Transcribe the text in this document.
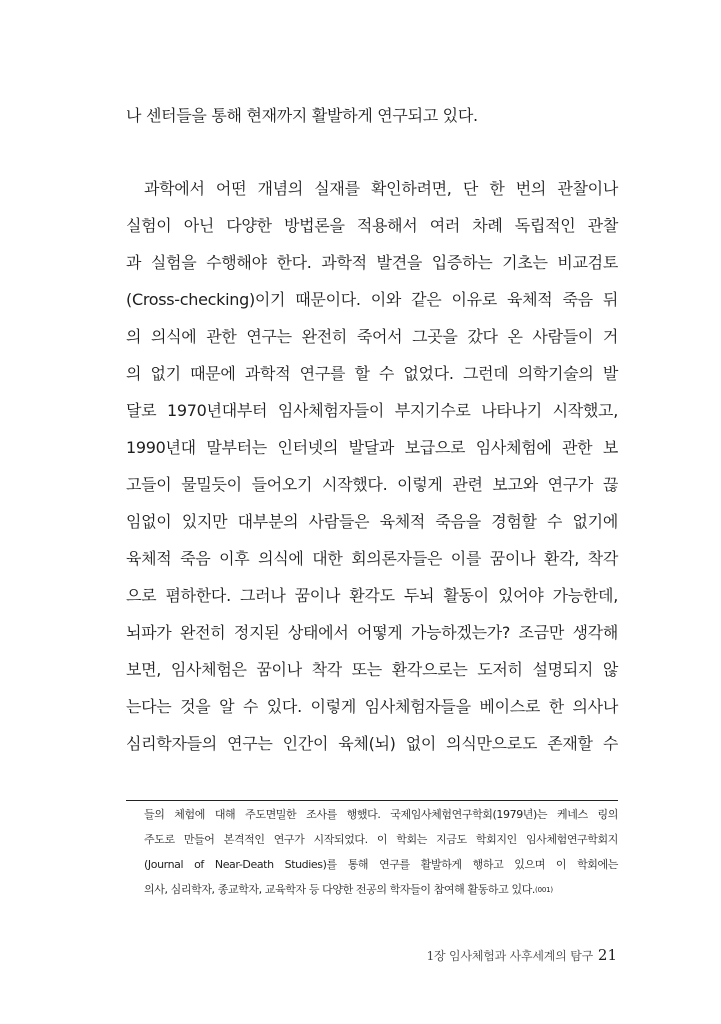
나 센터들을 통해 현재까지 활발하게 연구되고 있다.
과학에서 어떤 개념의 실재를 확인하려면, 단 한 번의 관찰이나
실험이 아닌 다양한 방법론을 적용해서 여러 차례 독립적인 관찰
과 실험을 수행해야 한다. 과학적 발견을 입증하는 기초는 비교검토
(Cross-checking)이기 때문이다. 이와 같은 이유로 육체적 죽음 뒤
의 의식에 관한 연구는 완전히 죽어서 그곳을 갔다 온 사람들이 거
의 없기 때문에 과학적 연구를 할 수 없었다. 그런데 의학기술의 발
달로 1970년대부터 임사체험자들이 부지기수로 나타나기 시작했고,
1990년대 말부터는 인터넷의 발달과 보급으로 임사체험에 관한 보
고들이 물밀듯이 들어오기 시작했다. 이렇게 관련 보고와 연구가 끊
임없이 있지만 대부분의 사람들은 육체적 죽음을 경험할 수 없기에
육체적 죽음 이후 의식에 대한 회의론자들은 이를 꿈이나 환각, 착각
으로 폄하한다. 그러나 꿈이나 환각도 두뇌 활동이 있어야 가능한데,
뇌파가 완전히 정지된 상태에서 어떻게 가능하겠는가? 조금만 생각해
보면, 임사체험은 꿈이나 착각 또는 환각으로는 도저히 설명되지 않
는다는 것을 알 수 있다. 이렇게 임사체험자들을 베이스로 한 의사나
심리학자들의 연구는 인간이 육체(뇌) 없이 의식만으로도 존재할 수
들의 체험에 대해 주도면밀한 조사를 행했다. 국제임사체험연구학회(1979년)는 케네스 링의
주도로 만들어 본격적인 연구가 시작되었다. 이 학회는 지금도 학회지인 임사체험연구학회지
(Journal of Near-Death Studies)를 통해 연구를 활발하게 행하고 있으며 이 학회에는
의사, 심리학자, 종교학자, 교육학자 등 다양한 전공의 학자들이 참여해 활동하고 있다.(001)
1장 임사체험과 사후세계의 탐구 21
